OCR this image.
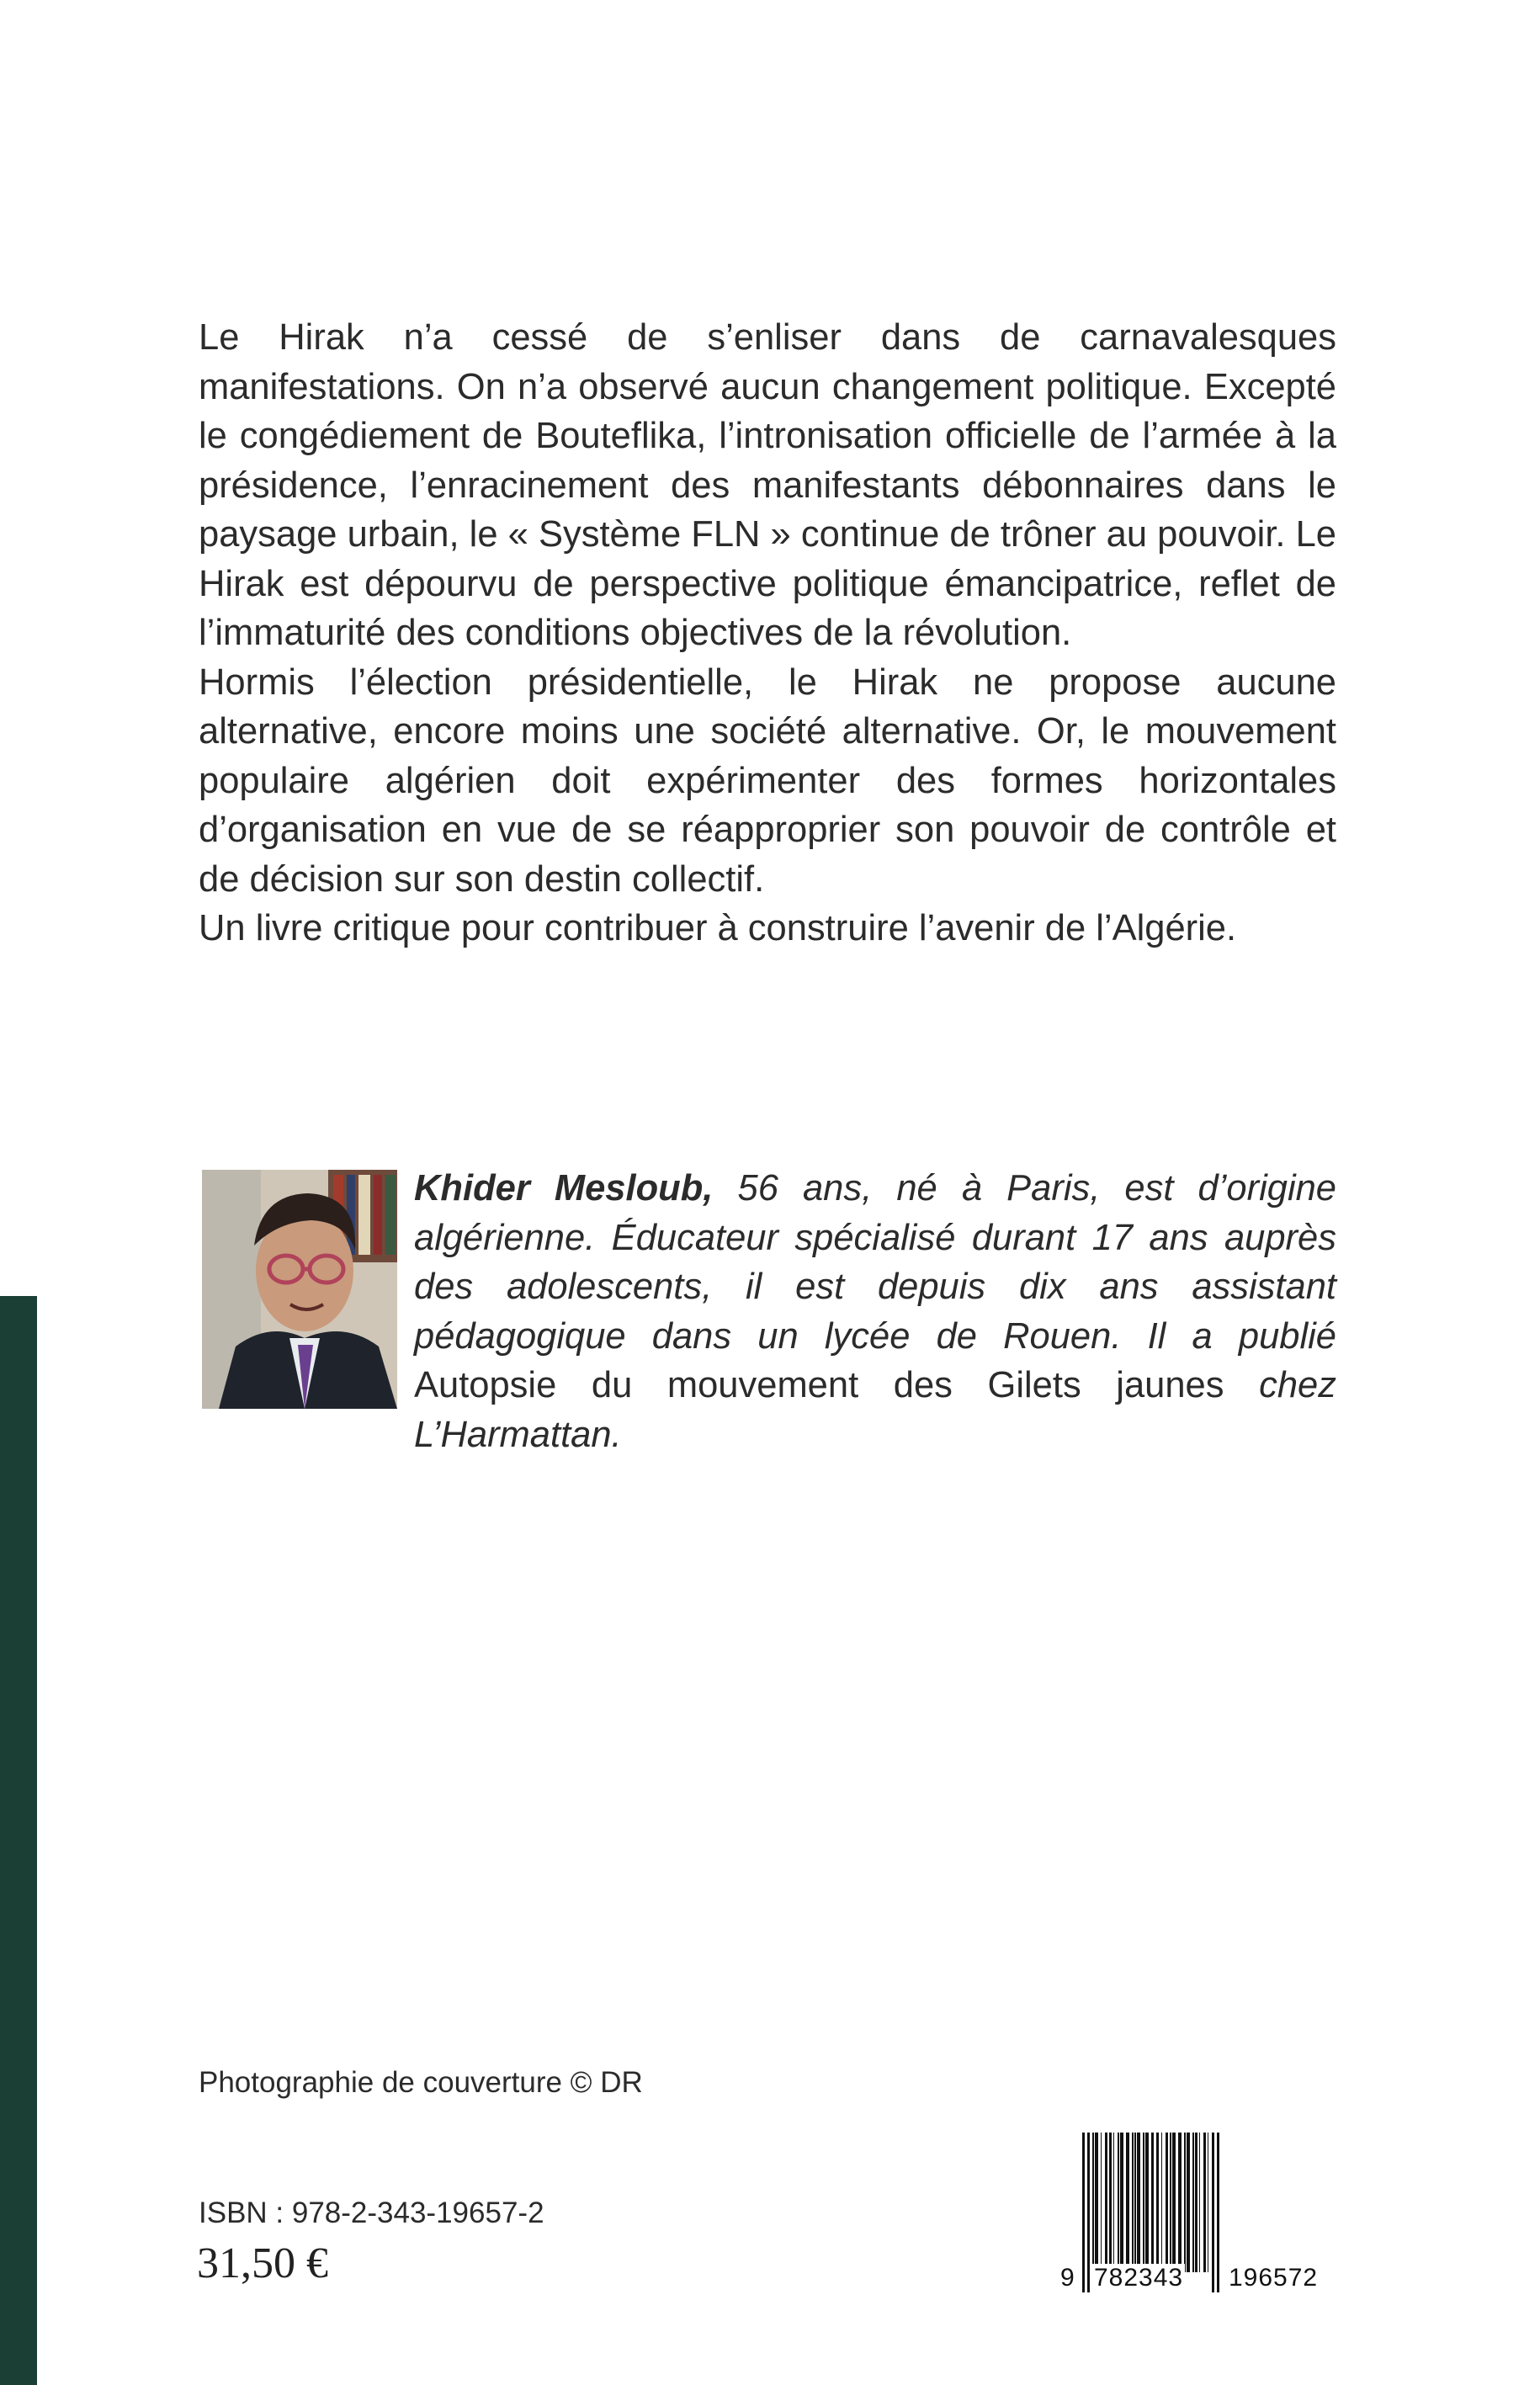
Le Hirak n’a cessé de s’enliser dans de carnavalesques manifestations. On n’a observé aucun changement politique. Excepté le congédiement de Bouteflika, l’intronisation officielle de l’armée à la présidence, l’enracinement des manifestants débonnaires dans le paysage urbain, le « Système FLN » continue de trôner au pouvoir. Le Hirak est dépourvu de perspective politique émancipatrice, reflet de l’immaturité des conditions objectives de la révolution.

Hormis l’élection présidentielle, le Hirak ne propose aucune alternative, encore moins une société alternative. Or, le mouvement populaire algérien doit expérimenter des formes horizontales d’organisation en vue de se réapproprier son pouvoir de contrôle et de décision sur son destin collectif.

Un livre critique pour contribuer à construire l’avenir de l’Algérie.

Khider Mesloub, 56 ans, né à Paris, est d’origine algérienne. Éducateur spécialisé durant 17 ans auprès des adolescents, il est depuis dix ans assistant pédagogique dans un lycée de Rouen. Il a publié Autopsie du mouvement des Gilets jaunes chez L’Harmattan.
Photographie de couverture © DR
ISBN : 978-2-343-19657-2
31,50 €

	9

782343

196572
